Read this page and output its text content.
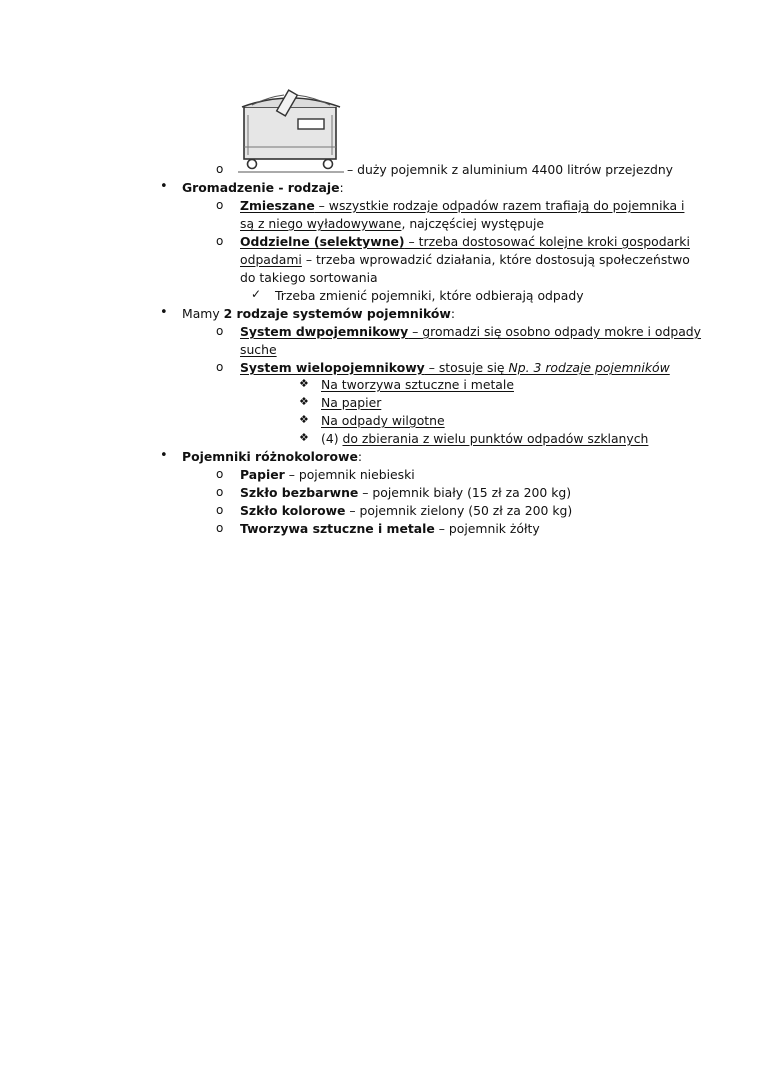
o	– duży pojemnik z aluminium 4400 litrów przejezdny
• Gromadzenie - rodzaje:
o Zmieszane – wszystkie rodzaje odpadów razem trafiają do pojemnika i
są z niego wyładowywane, najczęściej występuje
o Oddzielne (selektywne) – trzeba dostosować kolejne kroki gospodarki
odpadami – trzeba wprowadzić działania, które dostosują społeczeństwo
do takiego sortowania
✓ Trzeba zmienić pojemniki, które odbierają odpady
• Mamy 2 rodzaje systemów pojemników:
o System dwpojemnikowy – gromadzi się osobno odpady mokre i odpady
suche
o System wielopojemnikowy – stosuje się Np. 3 rodzaje pojemników
❖ Na tworzywa sztuczne i metale
❖ Na papier
❖ Na odpady wilgotne
❖ (4) do zbierania z wielu punktów odpadów szklanych
• Pojemniki różnokolorowe:
o Papier – pojemnik niebieski
o Szkło bezbarwne – pojemnik biały (15 zł za 200 kg)
o Szkło kolorowe – pojemnik zielony (50 zł za 200 kg)
o Tworzywa sztuczne i metale – pojemnik żółty
